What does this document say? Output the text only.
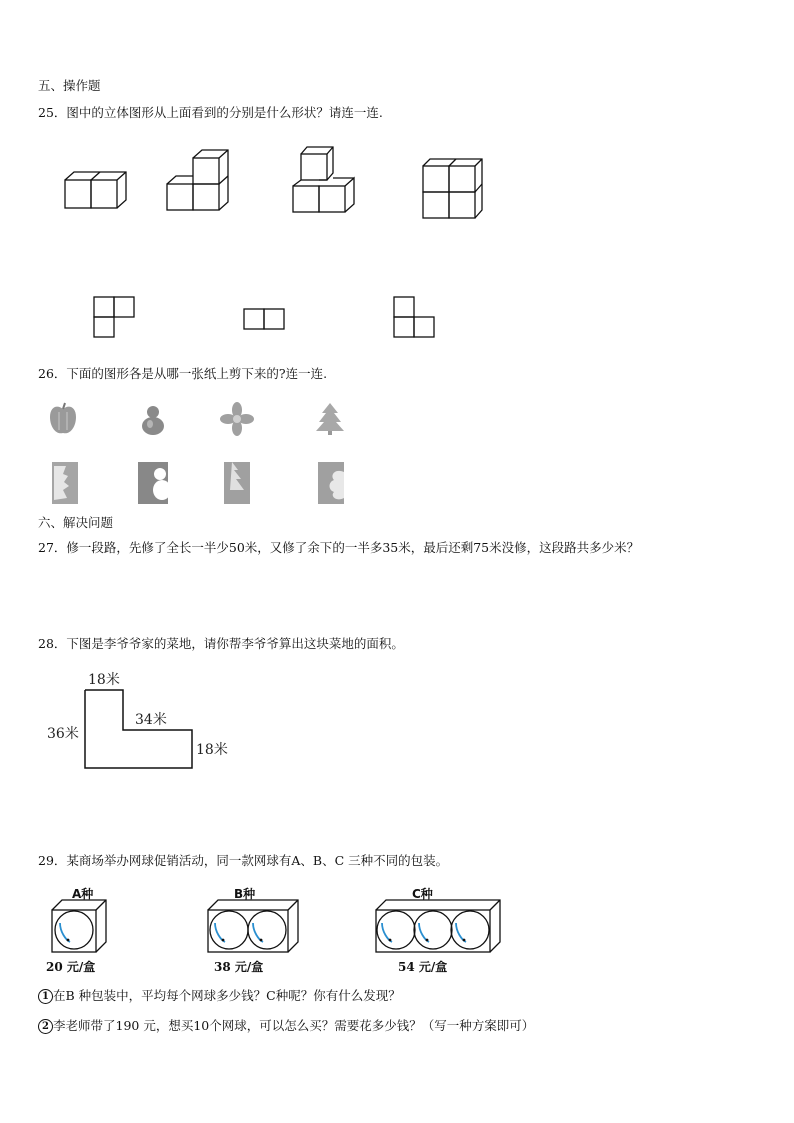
五、操作题
25．图中的立体图形从上面看到的分别是什么形状？请连一连.
26．下面的图形各是从哪一张纸上剪下来的?连一连.
六、解决问题
27．修一段路，先修了全长一半少50米，又修了余下的一半多35米，最后还剩75米没修，这段路共多少米？
28．下图是李爷爷家的菜地，请你帮李爷爷算出这块菜地的面积。
18米
36米
34米
18米
29．某商场举办网球促销活动，同一款网球有A、B、C 三种不同的包装。
A种
20 元/盒
B种
38 元/盒
C种
54 元/盒
1 在B 种包装中，平均每个网球多少钱？C种呢？你有什么发现？
2 李老师带了190 元，想买10个网球，可以怎么买？需要花多少钱？（写一种方案即可）
